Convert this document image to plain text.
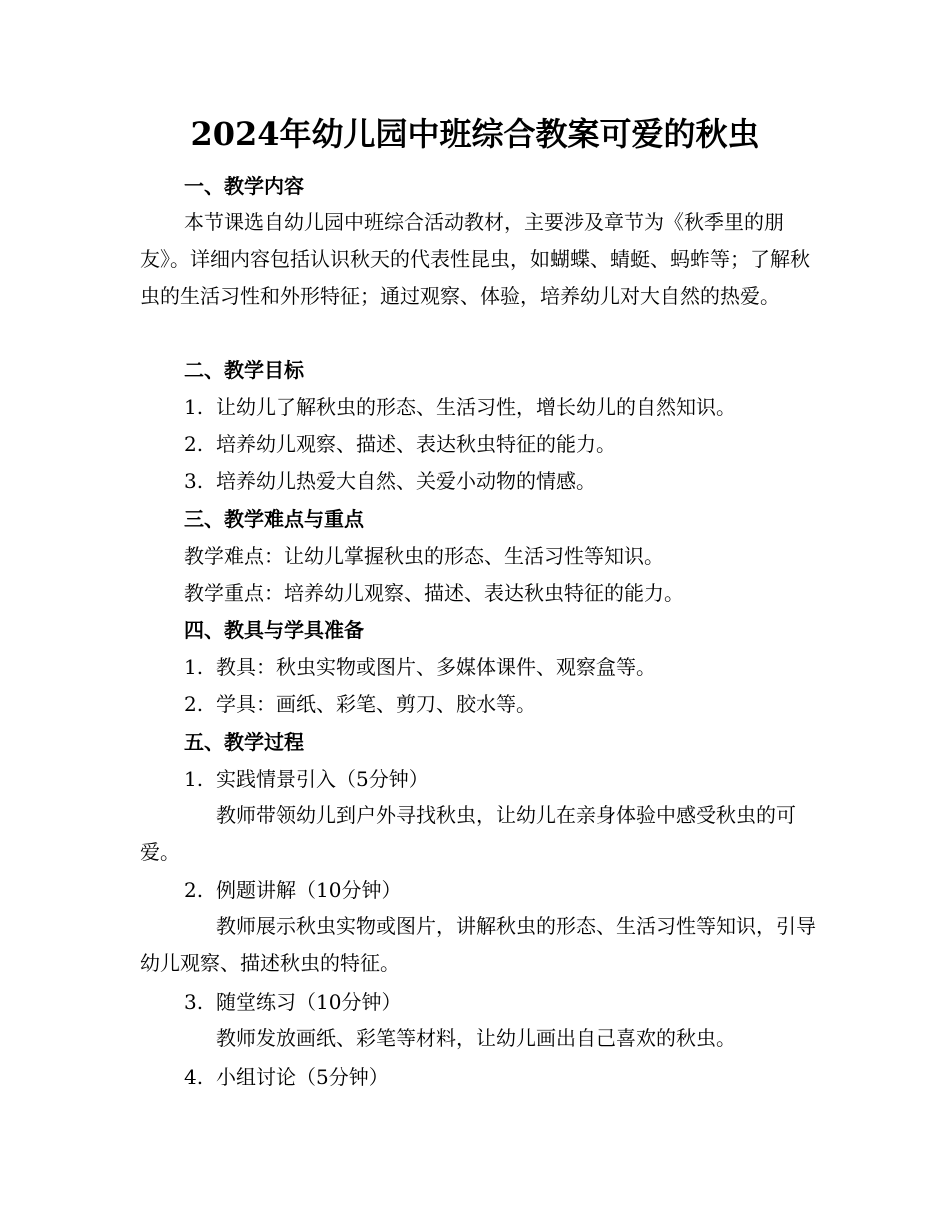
2024年幼儿园中班综合教案可爱的秋虫
一、教学内容

本节课选自幼儿园中班综合活动教材，主要涉及章节为《秋季里的朋友》。详细内容包括认识秋天的代表性昆虫，如蝴蝶、蜻蜓、蚂蚱等；了解秋虫的生活习性和外形特征；通过观察、体验，培养幼儿对大自然的热爱。

二、教学目标
1. 让幼儿了解秋虫的形态、生活习性，增长幼儿的自然知识。
2. 培养幼儿观察、描述、表达秋虫特征的能力。
3. 培养幼儿热爱大自然、关爱小动物的情感。
三、教学难点与重点
教学难点：让幼儿掌握秋虫的形态、生活习性等知识。
教学重点：培养幼儿观察、描述、表达秋虫特征的能力。
四、教具与学具准备
1. 教具：秋虫实物或图片、多媒体课件、观察盒等。
2. 学具：画纸、彩笔、剪刀、胶水等。
五、教学过程
1. 实践情景引入（5分钟）

教师带领幼儿到户外寻找秋虫，让幼儿在亲身体验中感受秋虫的可爱。

2. 例题讲解（10分钟）

教师展示秋虫实物或图片，讲解秋虫的形态、生活习性等知识，引导幼儿观察、描述秋虫的特征。

3. 随堂练习（10分钟）

教师发放画纸、彩笔等材料，让幼儿画出自己喜欢的秋虫。

4. 小组讨论（5分钟）
